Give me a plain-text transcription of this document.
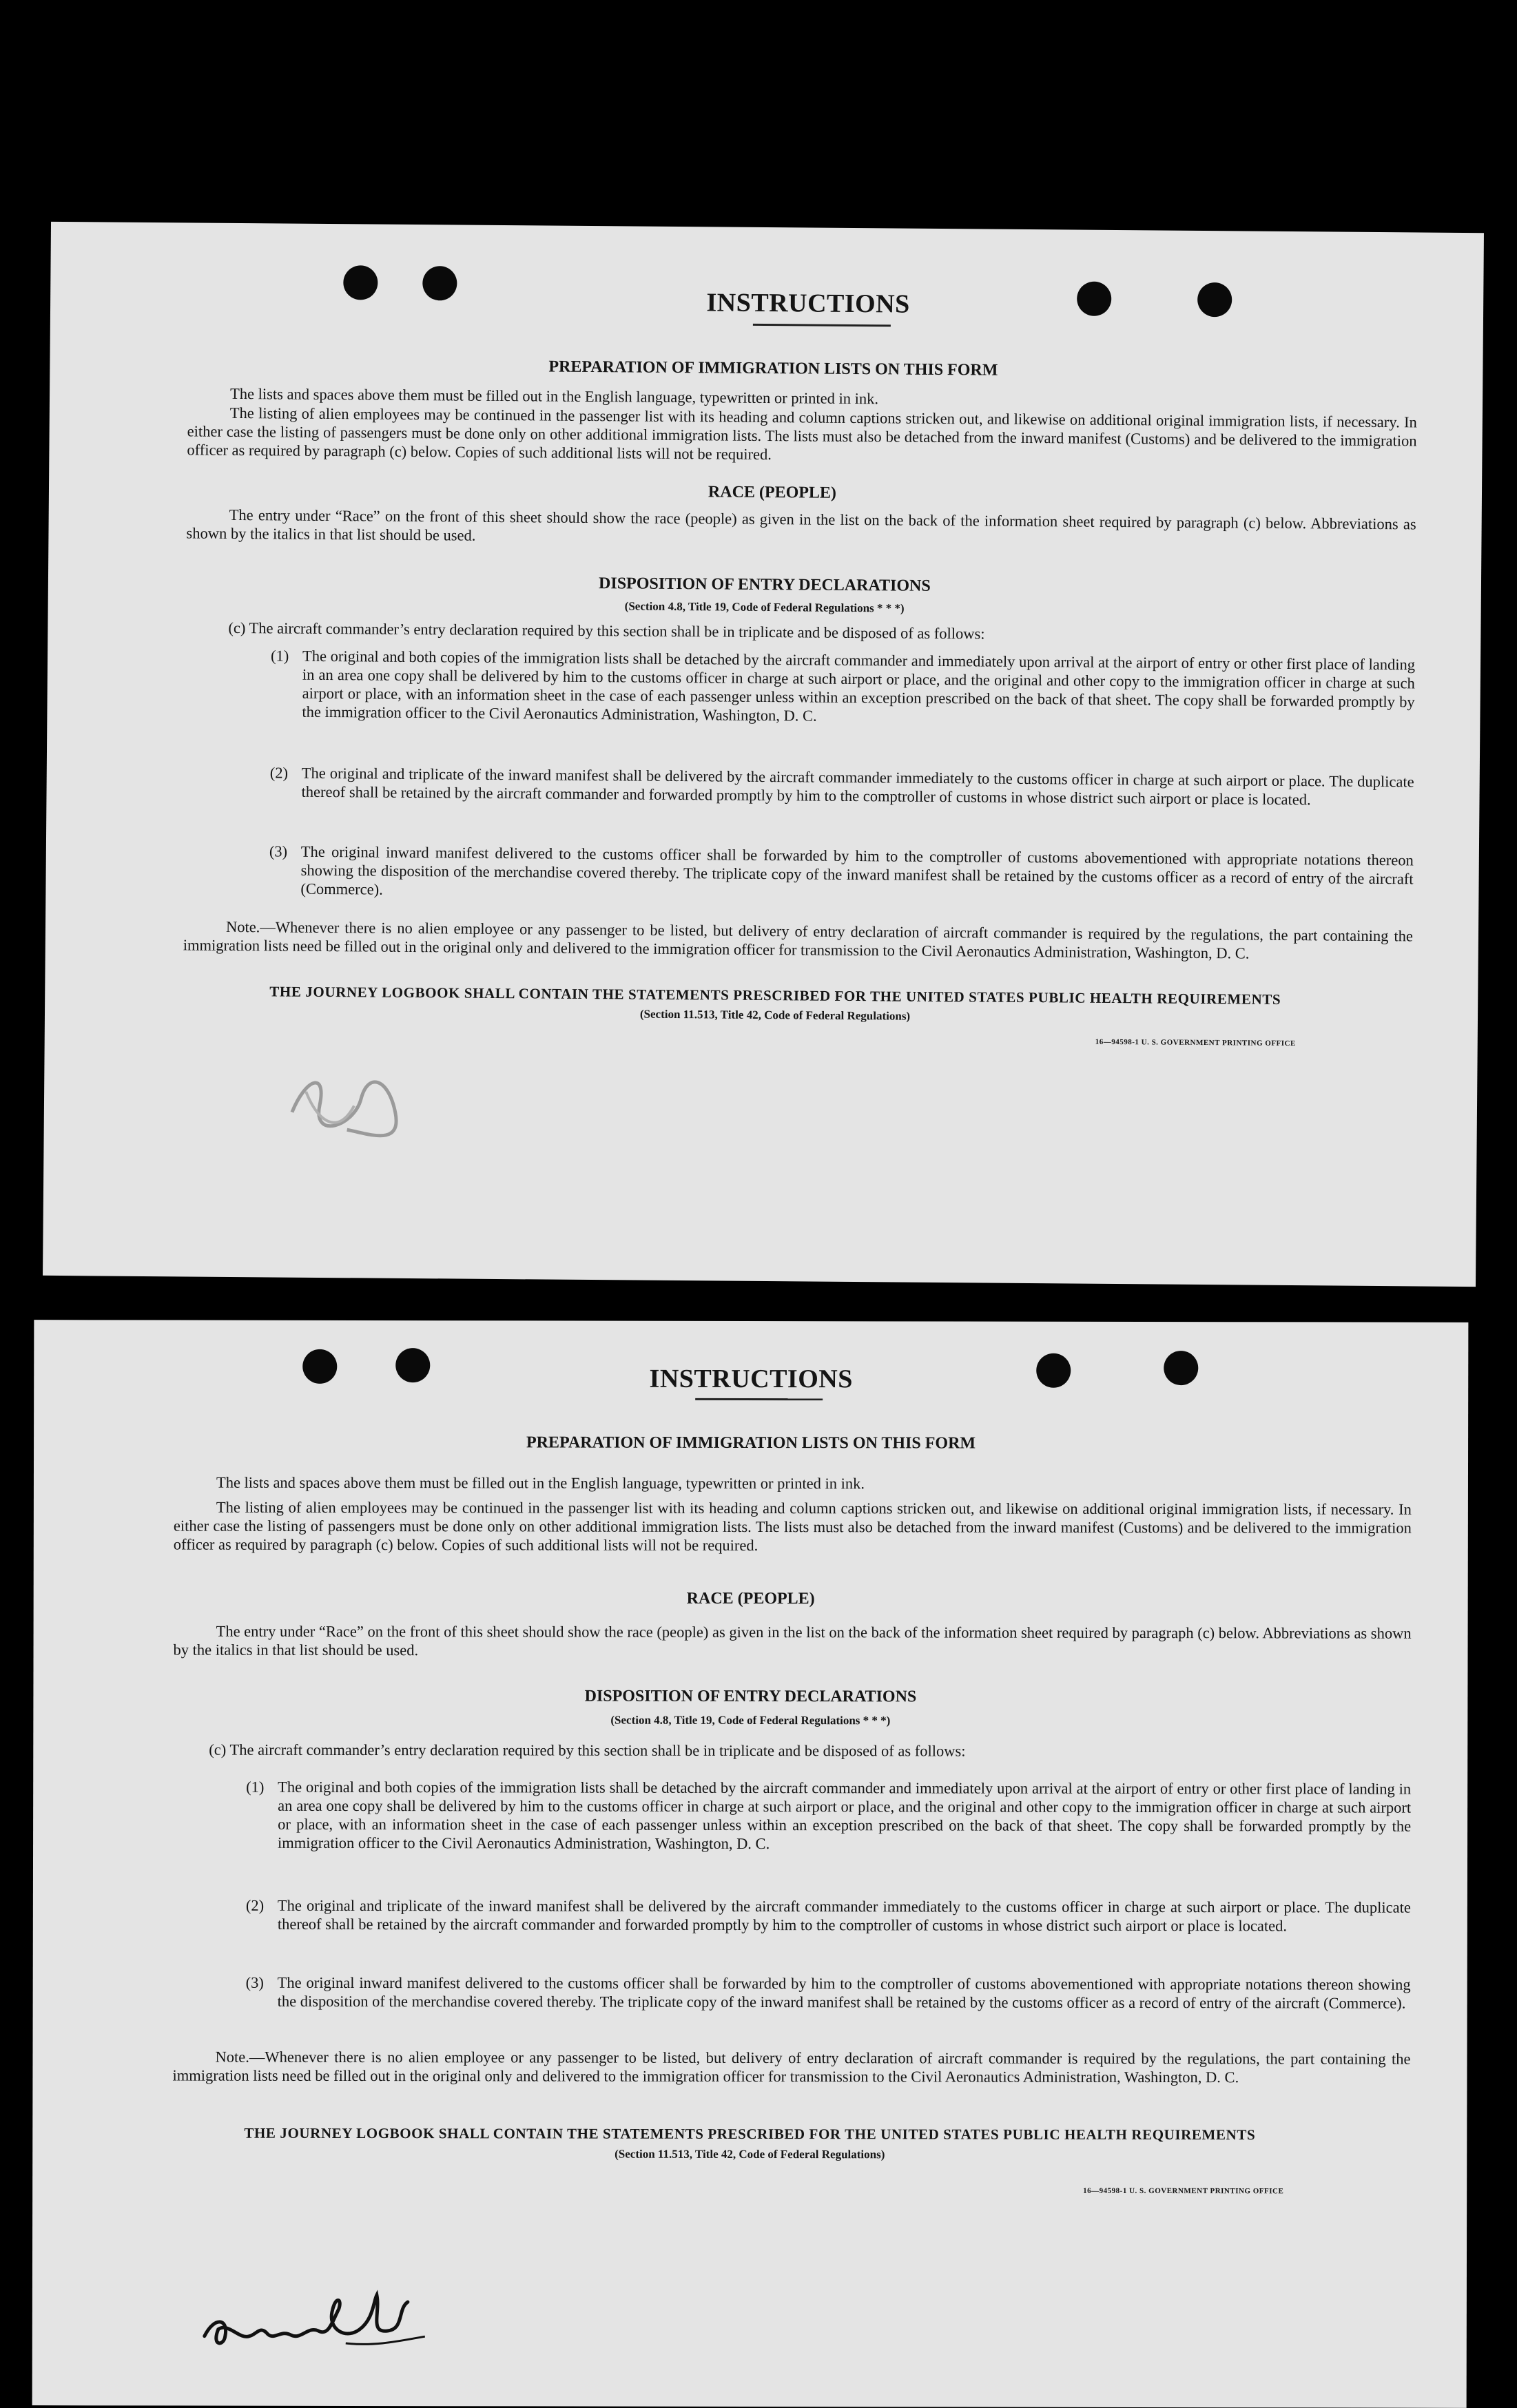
INSTRUCTIONS
PREPARATION OF IMMIGRATION LISTS ON THIS FORM
The lists and spaces above them must be filled out in the English language, typewritten or printed in ink.
The listing of alien employees may be continued in the passenger list with its heading and column captions stricken out, and likewise on additional original immigration lists, if necessary. In either case the listing of passengers must be done only on other additional immigration lists. The lists must also be detached from the inward manifest (Customs) and be delivered to the immigration officer as required by paragraph (c) below. Copies of such additional lists will not be required.
RACE (PEOPLE)
The entry under “Race” on the front of this sheet should show the race (people) as given in the list on the back of the information sheet required by paragraph (c) below. Abbreviations as shown by the italics in that list should be used.
DISPOSITION OF ENTRY DECLARATIONS
(Section 4.8, Title 19, Code of Federal Regulations * * *)
(c) The aircraft commander’s entry declaration required by this section shall be in triplicate and be disposed of as follows:
(1) The original and both copies of the immigration lists shall be detached by the aircraft commander and immediately upon arrival at the airport of entry or other first place of landing in an area one copy shall be delivered by him to the customs officer in charge at such airport or place, and the original and other copy to the immigration officer in charge at such airport or place, with an information sheet in the case of each passenger unless within an exception prescribed on the back of that sheet. The copy shall be forwarded promptly by the immigration officer to the Civil Aeronautics Administration, Washington, D. C.
(2) The original and triplicate of the inward manifest shall be delivered by the aircraft commander immediately to the customs officer in charge at such airport or place. The duplicate thereof shall be retained by the aircraft commander and forwarded promptly by him to the comptroller of customs in whose district such airport or place is located.
(3) The original inward manifest delivered to the customs officer shall be forwarded by him to the comptroller of customs abovementioned with appropriate notations thereon showing the disposition of the merchandise covered thereby. The triplicate copy of the inward manifest shall be retained by the customs officer as a record of entry of the aircraft (Commerce).
Note.—Whenever there is no alien employee or any passenger to be listed, but delivery of entry declaration of aircraft commander is required by the regulations, the part containing the immigration lists need be filled out in the original only and delivered to the immigration officer for transmission to the Civil Aeronautics Administration, Washington, D. C.
THE JOURNEY LOGBOOK SHALL CONTAIN THE STATEMENTS PRESCRIBED FOR THE UNITED STATES PUBLIC HEALTH REQUIREMENTS
(Section 11.513, Title 42, Code of Federal Regulations)
16—94598-1 U. S. GOVERNMENT PRINTING OFFICE
INSTRUCTIONS
PREPARATION OF IMMIGRATION LISTS ON THIS FORM
The lists and spaces above them must be filled out in the English language, typewritten or printed in ink.
The listing of alien employees may be continued in the passenger list with its heading and column captions stricken out, and likewise on additional original immigration lists, if necessary. In either case the listing of passengers must be done only on other additional immigration lists. The lists must also be detached from the inward manifest (Customs) and be delivered to the immigration officer as required by paragraph (c) below. Copies of such additional lists will not be required.
RACE (PEOPLE)
The entry under “Race” on the front of this sheet should show the race (people) as given in the list on the back of the information sheet required by paragraph (c) below. Abbreviations as shown by the italics in that list should be used.
DISPOSITION OF ENTRY DECLARATIONS
(Section 4.8, Title 19, Code of Federal Regulations * * *)
(c) The aircraft commander’s entry declaration required by this section shall be in triplicate and be disposed of as follows:
(1) The original and both copies of the immigration lists shall be detached by the aircraft commander and immediately upon arrival at the airport of entry or other first place of landing in an area one copy shall be delivered by him to the customs officer in charge at such airport or place, and the original and other copy to the immigration officer in charge at such airport or place, with an information sheet in the case of each passenger unless within an exception prescribed on the back of that sheet. The copy shall be forwarded promptly by the immigration officer to the Civil Aeronautics Administration, Washington, D. C.
(2) The original and triplicate of the inward manifest shall be delivered by the aircraft commander immediately to the customs officer in charge at such airport or place. The duplicate thereof shall be retained by the aircraft commander and forwarded promptly by him to the comptroller of customs in whose district such airport or place is located.
(3) The original inward manifest delivered to the customs officer shall be forwarded by him to the comptroller of customs abovementioned with appropriate notations thereon showing the disposition of the merchandise covered thereby. The triplicate copy of the inward manifest shall be retained by the customs officer as a record of entry of the aircraft (Commerce).
Note.—Whenever there is no alien employee or any passenger to be listed, but delivery of entry declaration of aircraft commander is required by the regulations, the part containing the immigration lists need be filled out in the original only and delivered to the immigration officer for transmission to the Civil Aeronautics Administration, Washington, D. C.
THE JOURNEY LOGBOOK SHALL CONTAIN THE STATEMENTS PRESCRIBED FOR THE UNITED STATES PUBLIC HEALTH REQUIREMENTS
(Section 11.513, Title 42, Code of Federal Regulations)
16—94598-1 U. S. GOVERNMENT PRINTING OFFICE
